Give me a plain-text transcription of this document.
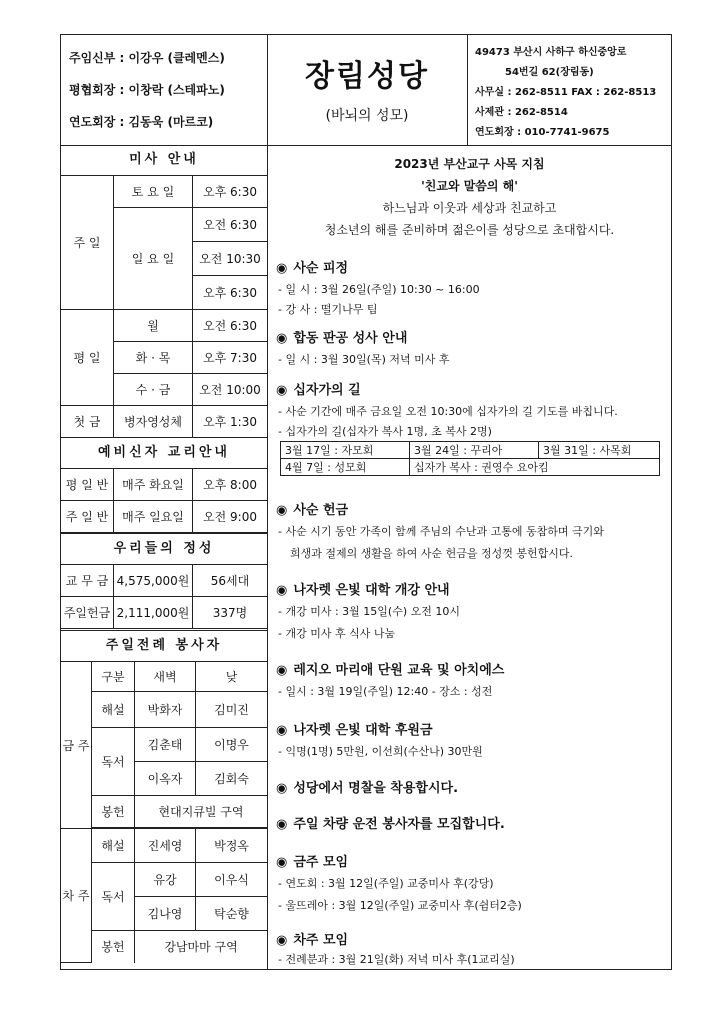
주임신부 : 이강우 (클레멘스)
평협회장 : 이창락 (스테파노)
연도회장 : 김동욱 (마르코)
장림성당
(바뇌의 성모)
49473 부산시 사하구 하신중앙로
54번길 62(장림동)
사무실 : 262-8511 FAX : 262-8513
사제관 : 262-8514
연도회장 : 010-7741-9675
미사 안내
주 일	토 요 일	오후 6:30
	일 요 일	오전 6:30
		오전 10:30
		오후 6:30
평 일	월	오전 6:30
	화 · 목	오후 7:30
	수 · 금	오전 10:00
첫 금	병자영성체	오후 1:30
예비신자 교리안내
평 일 반	매주 화요일	오후 8:00
주 일 반	매주 일요일	오전 9:00
우리들의 정성
교 무 금	4,575,000원	56세대
주일헌금	2,111,000원	337명
주일전례 봉사자
금 주	구분	새벽	낮
	해설	박화자	김미진
	독서	김춘태	이명우
		이옥자	김회숙
	봉헌	현대지큐빌 구역	

차 주	해설	진세영	박정옥
	독서	유강	이우식
		김나영	탁순향
	봉헌	강남마마 구역	
2023년 부산교구 사목 지침
'친교와 말씀의 해'
하느님과 이웃과 세상과 친교하고
청소년의 해를 준비하며 젊은이를 성당으로 초대합시다.
◉ 사순 피정
- 일 시 : 3월 26일(주일) 10:30 ~ 16:00
- 강 사 : 떨기나무 팀
◉ 합동 판공 성사 안내
- 일 시 : 3월 30일(목) 저녁 미사 후
◉ 십자가의 길
- 사순 기간에 매주 금요일 오전 10:30에 십자가의 길 기도를 바칩니다.
- 십자가의 길(십자가 복사 1명, 초 복사 2명)
3월 17일 : 자모회	3월 24일 : 꾸리아	3월 31일 : 사목회
4월 7일 : 성모회	십자가 복사 : 권영수 요아킴	
◉ 사순 헌금
- 사순 시기 동안 가족이 함께 주님의 수난과 고통에 동참하며 극기와
희생과 절제의 생활을 하여 사순 헌금을 정성껏 봉헌합시다.
◉ 나자렛 은빛 대학 개강 안내
- 개강 미사 : 3월 15일(수) 오전 10시
- 개강 미사 후 식사 나눔
◉ 레지오 마리애 단원 교육 및 아치에스
- 일시 : 3월 19일(주일) 12:40 - 장소 : 성전
◉ 나자렛 은빛 대학 후원금
- 익명(1명) 5만원, 이선희(수산나) 30만원
◉ 성당에서 명찰을 착용합시다.
◉ 주일 차량 운전 봉사자를 모집합니다.
◉ 금주 모임
- 연도회 : 3월 12일(주일) 교중미사 후(강당)
- 울뜨레아 : 3월 12일(주일) 교중미사 후(쉼터2층)
◉ 차주 모임
- 전례분과 : 3월 21일(화) 저녁 미사 후(1교리실)
